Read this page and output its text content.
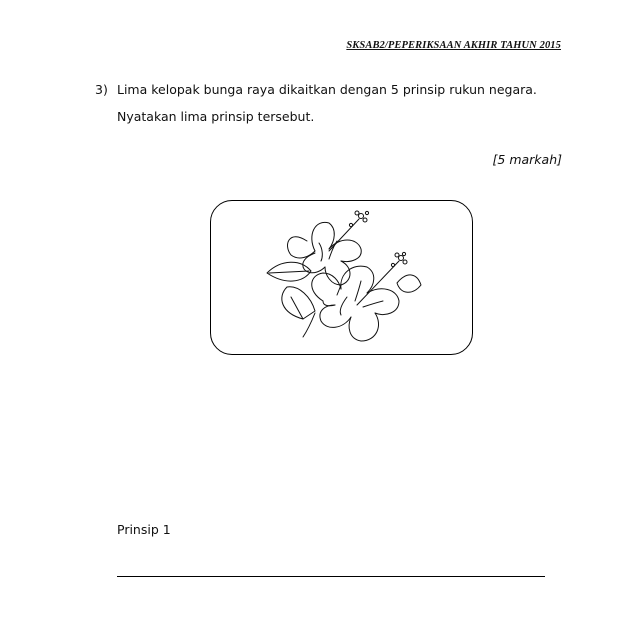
SKSAB2/PEPERIKSAAN AKHIR TAHUN 2015
3) Lima kelopak bunga raya dikaitkan dengan 5 prinsip rukun negara.
Nyatakan lima prinsip tersebut.
[5 markah]
Prinsip 1
